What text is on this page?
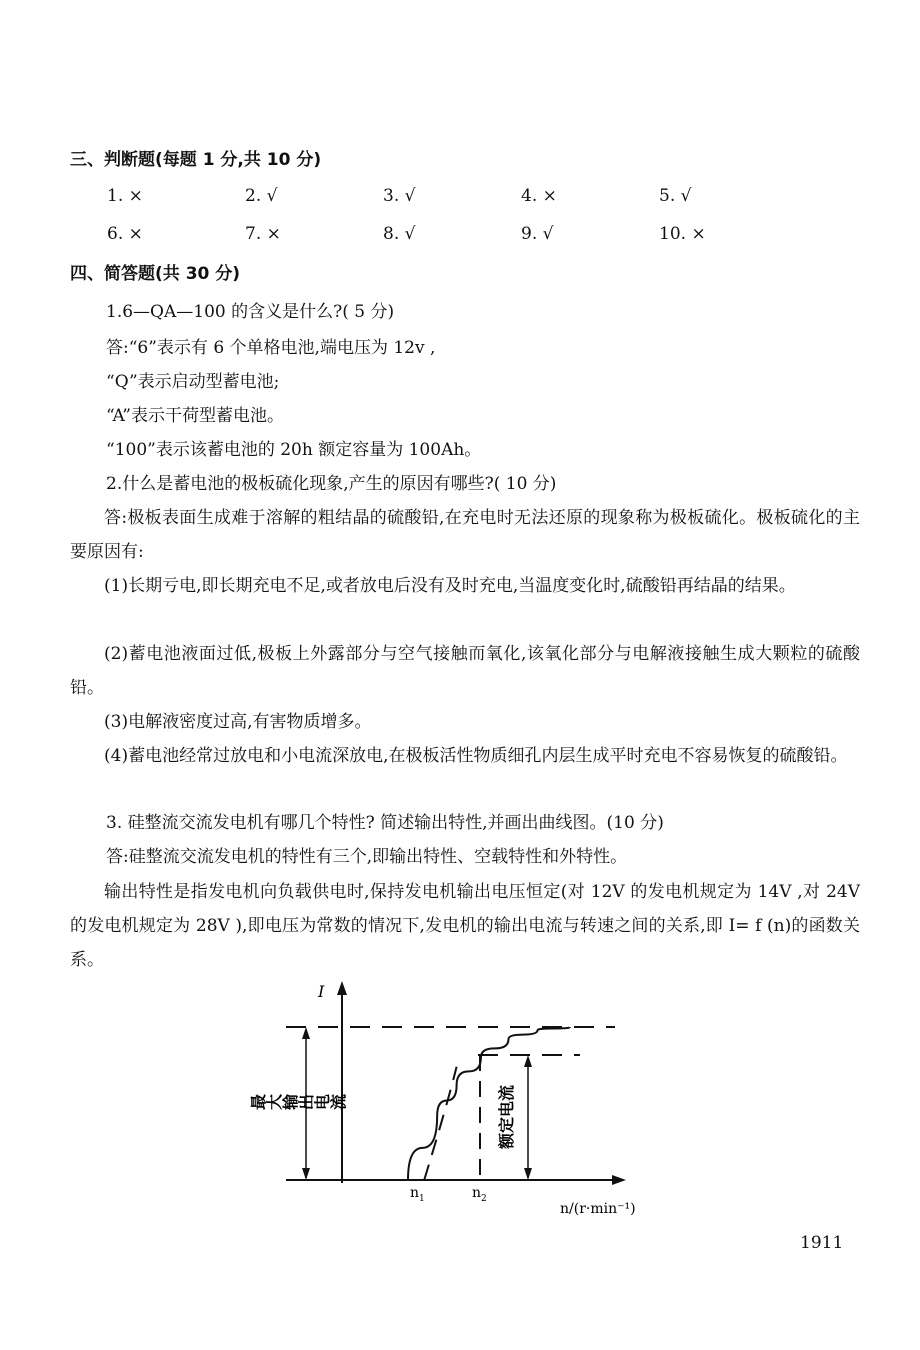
三、判断题(每题 1 分,共 10 分)
1. ×	2. √	3. √	4. ×	5. √
6. ×	7. ×	8. √	9. √	10. ×
四、简答题(共 30 分)
1.6—QA—100 的含义是什么?( 5 分)
答:“6”表示有 6 个单格电池,端电压为 12v ,
“Q”表示启动型蓄电池;
“A”表示干荷型蓄电池。
“100”表示该蓄电池的 20h 额定容量为 100Ah。
2.什么是蓄电池的极板硫化现象,产生的原因有哪些?( 10 分)
答:极板表面生成难于溶解的粗结晶的硫酸铅,在充电时无法还原的现象称为极板硫化。极板硫化的主要原因有:
(1)长期亏电,即长期充电不足,或者放电后没有及时充电,当温度变化时,硫酸铅再结晶的结果。
(2)蓄电池液面过低,极板上外露部分与空气接触而氧化,该氧化部分与电解液接触生成大颗粒的硫酸铅。
(3)电解液密度过高,有害物质增多。
(4)蓄电池经常过放电和小电流深放电,在极板活性物质细孔内层生成平时充电不容易恢复的硫酸铅。
3. 硅整流交流发电机有哪几个特性? 简述输出特性,并画出曲线图。(10 分)
答:硅整流交流发电机的特性有三个,即输出特性、空载特性和外特性。
输出特性是指发电机向负载供电时,保持发电机输出电压恒定(对 12V 的发电机规定为 14V ,对 24V 的发电机规定为 28V ),即电压为常数的情况下,发电机的输出电流与转速之间的关系,即 I= f (n)的函数关系。
I
最大输出电流	额定电流
$n_1$	$n_2$
n/(r·min⁻¹)
1911
